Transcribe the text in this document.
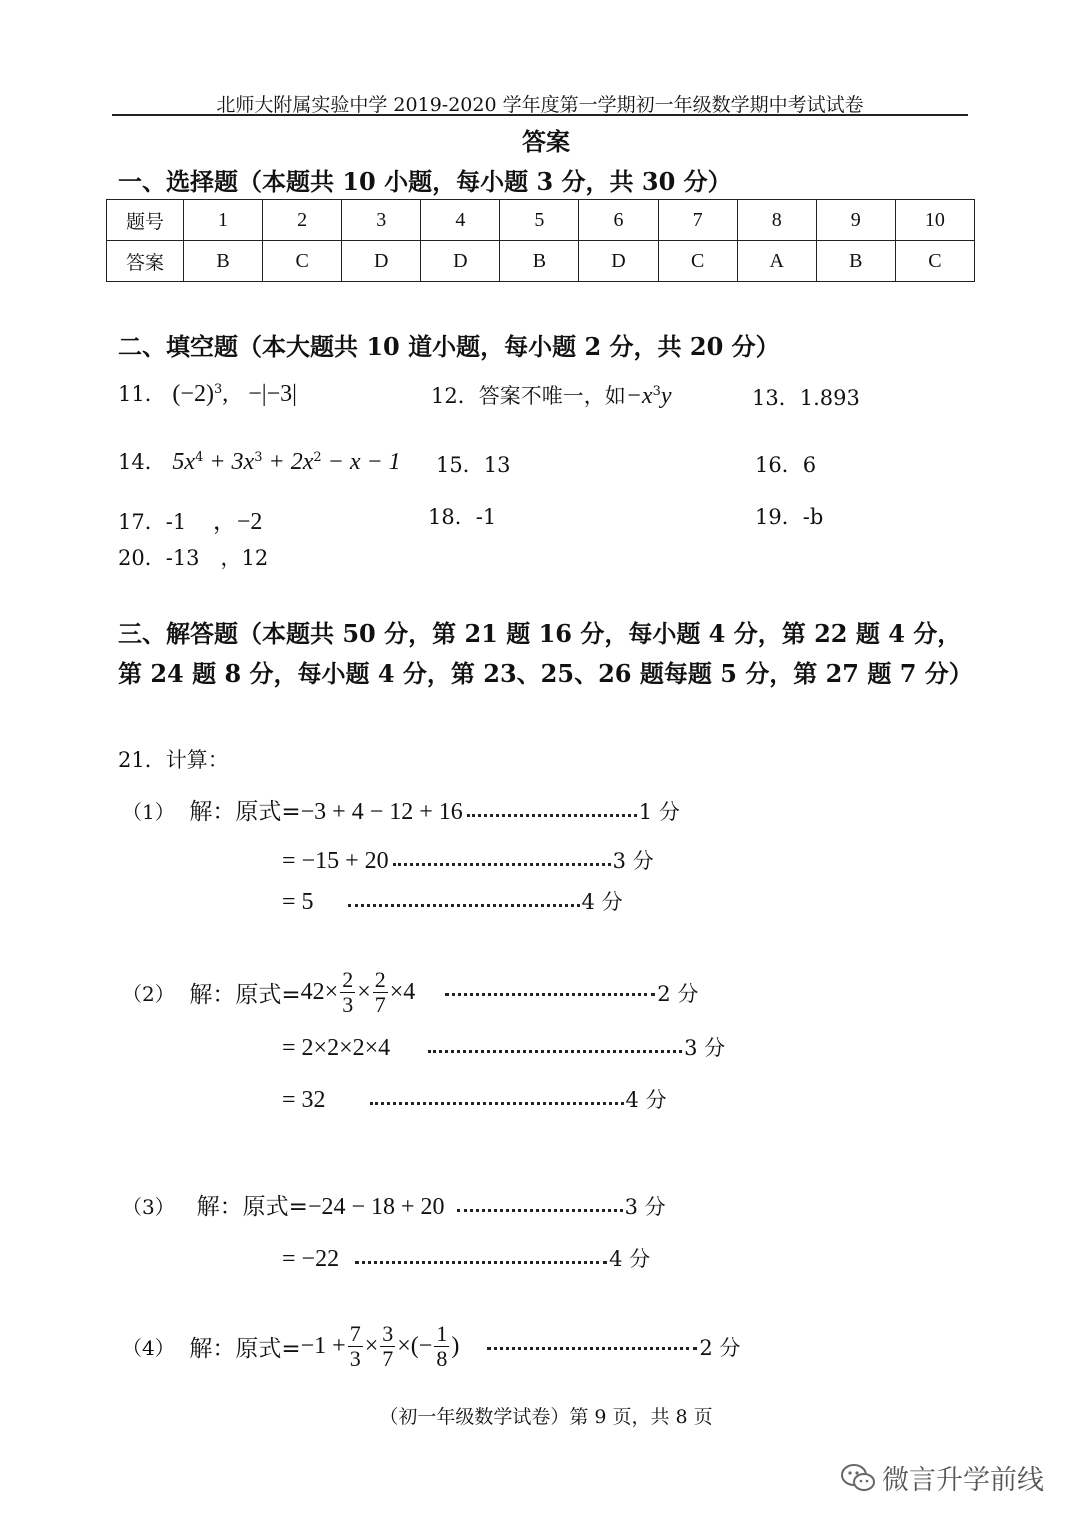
北师大附属实验中学 2019-2020 学年度第一学期初一年级数学期中考试试卷
答案
一、选择题（本题共 10 小题，每小题 3 分，共 30 分）
题号	1	2	3	4	5	6	7	8	9	10
答案	B	C	D	D	B	D	C	A	B	C
二、填空题（本大题共 10 道小题，每小题 2 分，共 20 分）
11． $(-2)^3$, −|−3|	12．答案不唯一，如$-x^3y$	13．1.893
14． $5x^4 + 3x^3 + 2x^2 - x - 1$ 15．13	16．6
17．-1 ，−2	18．-1	19．-b
20．-13　，12
三、解答题（本题共 50 分，第 21 题 16 分，每小题 4 分，第 22 题 4 分，第 24 题 8 分，每小题 4 分，第 23、25、26 题每题 5 分，第 27 题 7 分）
21．计算：
（1） 解：原式=−3 + 4 − 12 + 16	1 分
= −15 + 20	3 分
= 5	4 分
（2）
解：原式= $42\times \frac{2}{3} \times \frac{2}{7} \times 4$	2 分
= 2×2×2×4	3 分
= 32	4 分
（3） 解：原式=−24 − 18 + 20	3 分
= −22	4 分
（4）
解：原式= $-1 + \frac{7}{3} \times \frac{3}{7}$ ×(− $\frac{1}{8}$ )	2 分
（初一年级数学试卷）第 9 页，共 8 页
微言升学前线
